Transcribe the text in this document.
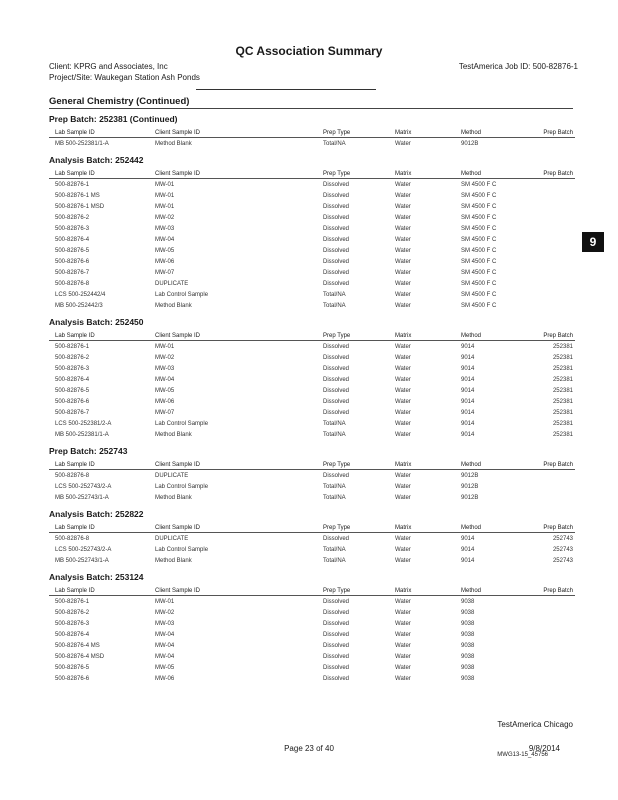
QC Association Summary
Client: KPRG and Associates, Inc
Project/Site: Waukegan Station Ash Ponds
TestAmerica Job ID: 500-82876-1
General Chemistry (Continued)
9
Prep Batch: 252381 (Continued)
Lab Sample ID	Client Sample ID	Prep Type	Matrix	Method	Prep Batch
MB 500-252381/1-A	Method Blank	Total/NA	Water	9012B	
Analysis Batch: 252442
Lab Sample ID	Client Sample ID	Prep Type	Matrix	Method	Prep Batch
500-82876-1	MW-01	Dissolved	Water	SM 4500 F C	
500-82876-1 MS	MW-01	Dissolved	Water	SM 4500 F C	
500-82876-1 MSD	MW-01	Dissolved	Water	SM 4500 F C	
500-82876-2	MW-02	Dissolved	Water	SM 4500 F C	
500-82876-3	MW-03	Dissolved	Water	SM 4500 F C	
500-82876-4	MW-04	Dissolved	Water	SM 4500 F C	
500-82876-5	MW-05	Dissolved	Water	SM 4500 F C	
500-82876-6	MW-06	Dissolved	Water	SM 4500 F C	
500-82876-7	MW-07	Dissolved	Water	SM 4500 F C	
500-82876-8	DUPLICATE	Dissolved	Water	SM 4500 F C	
LCS 500-252442/4	Lab Control Sample	Total/NA	Water	SM 4500 F C	
MB 500-252442/3	Method Blank	Total/NA	Water	SM 4500 F C	
Analysis Batch: 252450
Lab Sample ID	Client Sample ID	Prep Type	Matrix	Method	Prep Batch
500-82876-1	MW-01	Dissolved	Water	9014	252381
500-82876-2	MW-02	Dissolved	Water	9014	252381
500-82876-3	MW-03	Dissolved	Water	9014	252381
500-82876-4	MW-04	Dissolved	Water	9014	252381
500-82876-5	MW-05	Dissolved	Water	9014	252381
500-82876-6	MW-06	Dissolved	Water	9014	252381
500-82876-7	MW-07	Dissolved	Water	9014	252381
LCS 500-252381/2-A	Lab Control Sample	Total/NA	Water	9014	252381
MB 500-252381/1-A	Method Blank	Total/NA	Water	9014	252381
Prep Batch: 252743
Lab Sample ID	Client Sample ID	Prep Type	Matrix	Method	Prep Batch
500-82876-8	DUPLICATE	Dissolved	Water	9012B	
LCS 500-252743/2-A	Lab Control Sample	Total/NA	Water	9012B	
MB 500-252743/1-A	Method Blank	Total/NA	Water	9012B	
Analysis Batch: 252822
Lab Sample ID	Client Sample ID	Prep Type	Matrix	Method	Prep Batch
500-82876-8	DUPLICATE	Dissolved	Water	9014	252743
LCS 500-252743/2-A	Lab Control Sample	Total/NA	Water	9014	252743
MB 500-252743/1-A	Method Blank	Total/NA	Water	9014	252743
Analysis Batch: 253124
Lab Sample ID	Client Sample ID	Prep Type	Matrix	Method	Prep Batch
500-82876-1	MW-01	Dissolved	Water	9038	
500-82876-2	MW-02	Dissolved	Water	9038	
500-82876-3	MW-03	Dissolved	Water	9038	
500-82876-4	MW-04	Dissolved	Water	9038	
500-82876-4 MS	MW-04	Dissolved	Water	9038	
500-82876-4 MSD	MW-04	Dissolved	Water	9038	
500-82876-5	MW-05	Dissolved	Water	9038	
500-82876-6	MW-06	Dissolved	Water	9038	
TestAmerica Chicago
Page 23 of 40	9/8/2014
MWG13-15_45756
